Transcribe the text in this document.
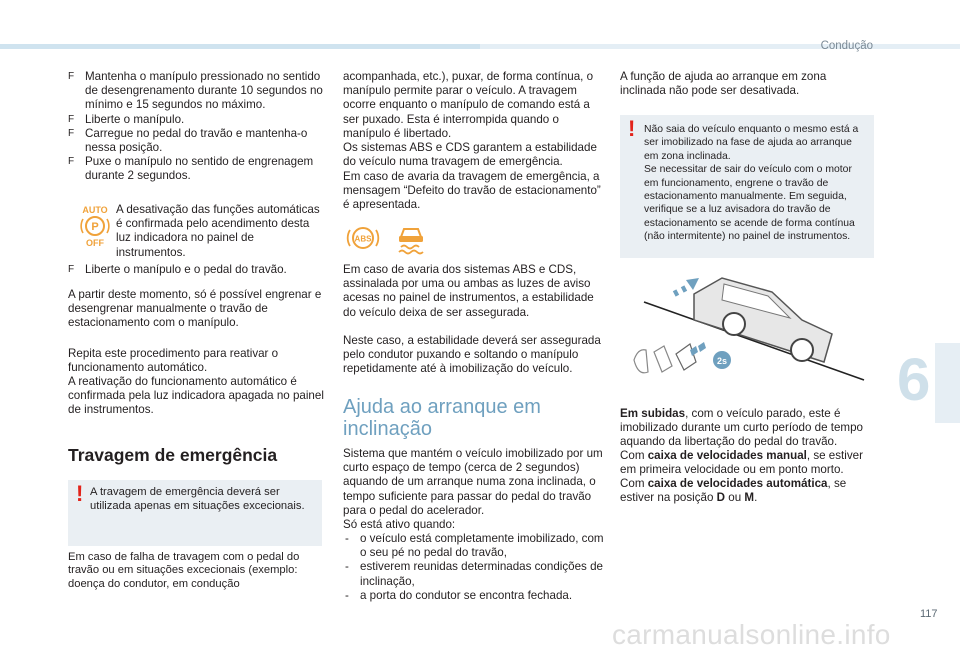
Condução
6
117
carmanualsonline.info
F Mantenha o manípulo pressionado no sentido de desengrenamento durante 10 segundos no mínimo e 15 segundos no máximo.
F Liberte o manípulo.
F Carregue no pedal do travão e mantenha-o nessa posição.
F Puxe o manípulo no sentido de engrenagem durante 2 segundos.
AUTO
P
OFF
A desativação das funções automáticas é confirmada pelo acendimento desta luz indicadora no painel de instrumentos.
F Liberte o manípulo e o pedal do travão.
A partir deste momento, só é possível engrenar e desengrenar manualmente o travão de estacionamento com o manípulo.
Repita este procedimento para reativar o funcionamento automático.
A reativação do funcionamento automático é confirmada pela luz indicadora apagada no painel de instrumentos.
Travagem de emergência
! A travagem de emergência deverá ser utilizada apenas em situações excecionais.
Em caso de falha de travagem com o pedal do travão ou em situações excecionais (exemplo: doença do condutor, em condução
acompanhada, etc.), puxar, de forma contínua, o manípulo permite parar o veículo. A travagem ocorre enquanto o manípulo de comando está a ser puxado. Esta é interrompida quando o manípulo é libertado.
Os sistemas ABS e CDS garantem a estabilidade do veículo numa travagem de emergência.
Em caso de avaria da travagem de emergência, a mensagem “Defeito do travão de estacionamento” é apresentada.
ABS
Em caso de avaria dos sistemas ABS e CDS, assinalada por uma ou ambas as luzes de aviso acesas no painel de instrumentos, a estabilidade do veículo deixa de ser assegurada.
Neste caso, a estabilidade deverá ser assegurada pelo condutor puxando e soltando o manípulo repetidamente até à imobilização do veículo.
Ajuda ao arranque em inclinação
Sistema que mantém o veículo imobilizado por um curto espaço de tempo (cerca de 2 segundos) aquando de um arranque numa zona inclinada, o tempo suficiente para passar do pedal do travão para o pedal do acelerador.
Só está ativo quando:
- o veículo está completamente imobilizado, com o seu pé no pedal do travão,
- estiverem reunidas determinadas condições de inclinação,
- a porta do condutor se encontra fechada.
A função de ajuda ao arranque em zona inclinada não pode ser desativada.
! Não saia do veículo enquanto o mesmo está a ser imobilizado na fase de ajuda ao arranque em zona inclinada.
Se necessitar de sair do veículo com o motor em funcionamento, engrene o travão de estacionamento manualmente. Em seguida, verifique se a luz avisadora do travão de estacionamento se acende de forma contínua (não intermitente) no painel de instrumentos.
2s
Em subidas, com o veículo parado, este é imobilizado durante um curto período de tempo aquando da libertação do pedal do travão.
Com caixa de velocidades manual, se estiver em primeira velocidade ou em ponto morto.
Com caixa de velocidades automática, se estiver na posição D ou M.
